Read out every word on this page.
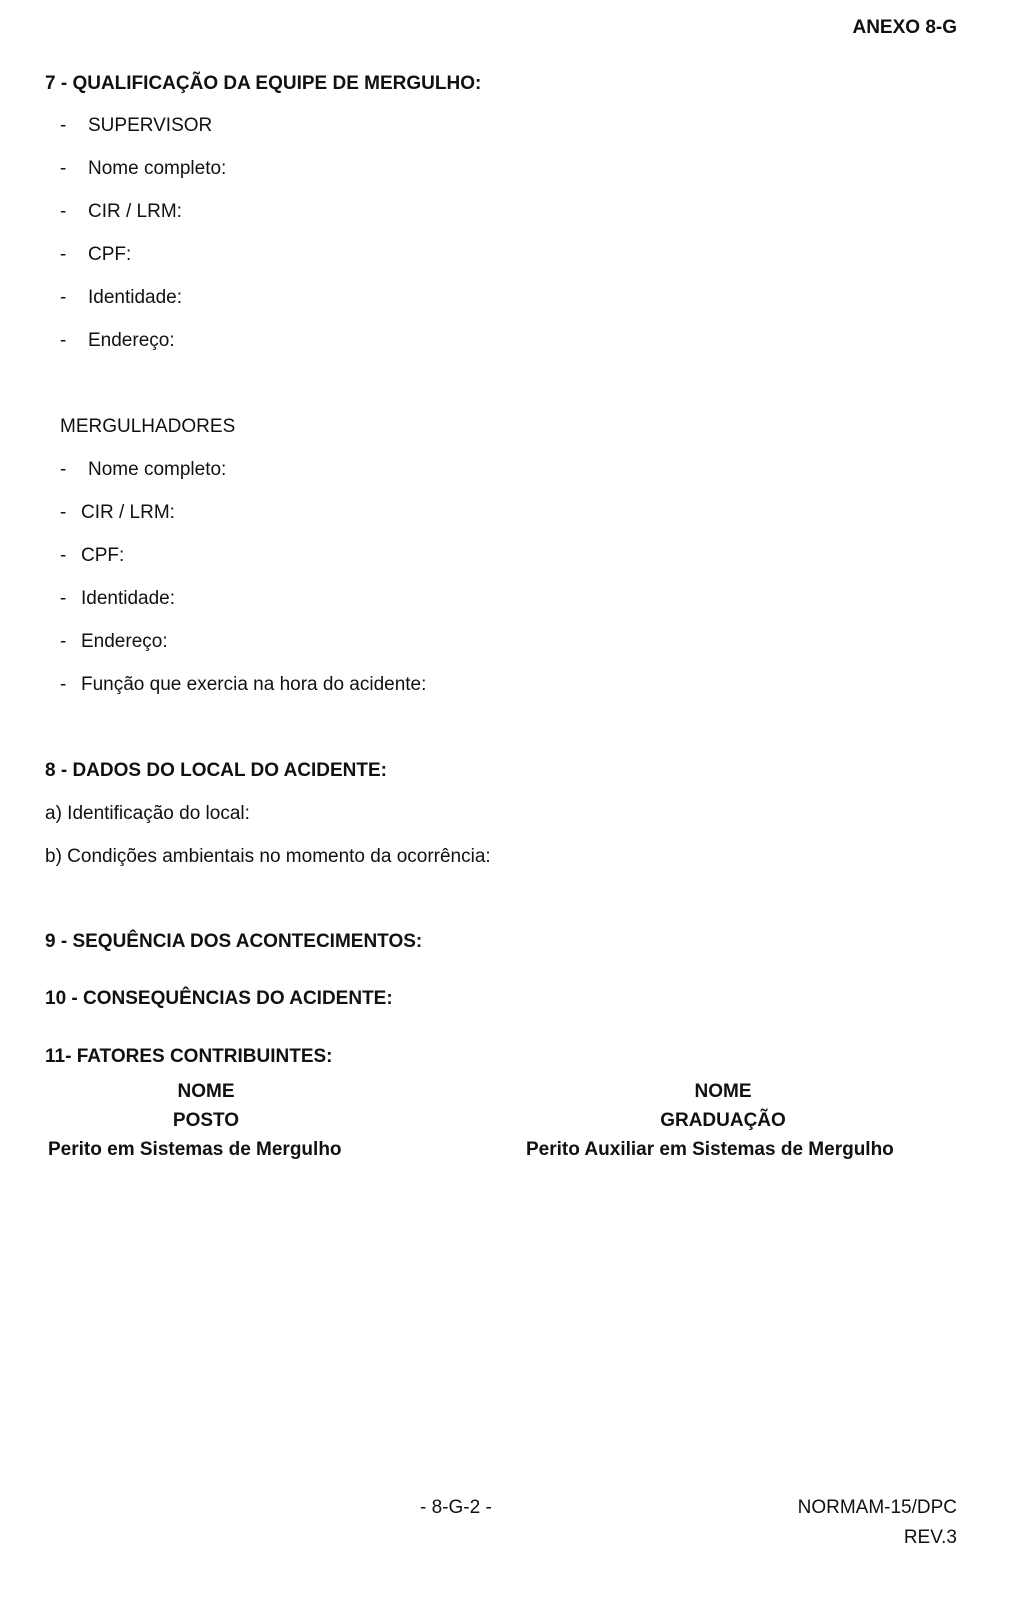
ANEXO 8-G
7 - QUALIFICAÇÃO DA EQUIPE DE MERGULHO:
- SUPERVISOR
- Nome completo:
- CIR / LRM:
- CPF:
- Identidade:
- Endereço:
MERGULHADORES
- Nome completo:
- CIR / LRM:
- CPF:
- Identidade:
- Endereço:
- Função que exercia na hora do acidente:
8 - DADOS DO LOCAL DO ACIDENTE:
a) Identificação do local:
b) Condições ambientais no momento da ocorrência:
9 - SEQUÊNCIA DOS ACONTECIMENTOS:
10 - CONSEQUÊNCIAS DO ACIDENTE:
11- FATORES CONTRIBUINTES:
NOME
POSTO
Perito em Sistemas de Mergulho
NOME
GRADUAÇÃO
Perito Auxiliar em Sistemas de Mergulho
- 8-G-2 -	NORMAM-15/DPC
REV.3
